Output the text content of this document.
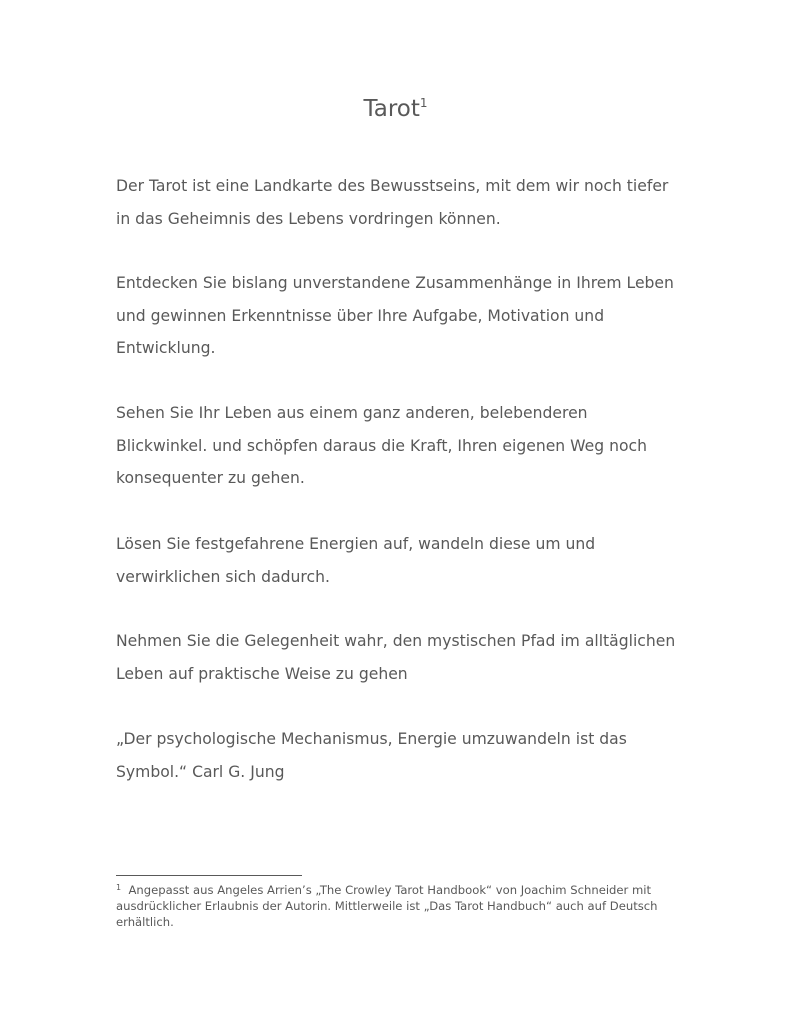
Tarot$^1$

Der Tarot ist eine Landkarte des Bewusstseins, mit dem wir noch tiefer
in das Geheimnis des Lebens vordringen können.

Entdecken Sie bislang unverstandene Zusammenhänge in Ihrem Leben
und gewinnen Erkenntnisse über Ihre Aufgabe, Motivation und
Entwicklung.

Sehen Sie Ihr Leben aus einem ganz anderen, belebenderen
Blickwinkel. und schöpfen daraus die Kraft, Ihren eigenen Weg noch
konsequenter zu gehen.

Lösen Sie festgefahrene Energien auf, wandeln diese um und
verwirklichen sich dadurch.

Nehmen Sie die Gelegenheit wahr, den mystischen Pfad im alltäglichen
Leben auf praktische Weise zu gehen

„Der psychologische Mechanismus, Energie umzuwandeln ist das
Symbol.“ Carl G. Jung

$^1$ Angepasst aus Angeles Arrien’s „The Crowley Tarot Handbook“ von Joachim Schneider mit
ausdrücklicher Erlaubnis der Autorin. Mittlerweile ist „Das Tarot Handbuch“ auch auf Deutsch
erhältlich.
